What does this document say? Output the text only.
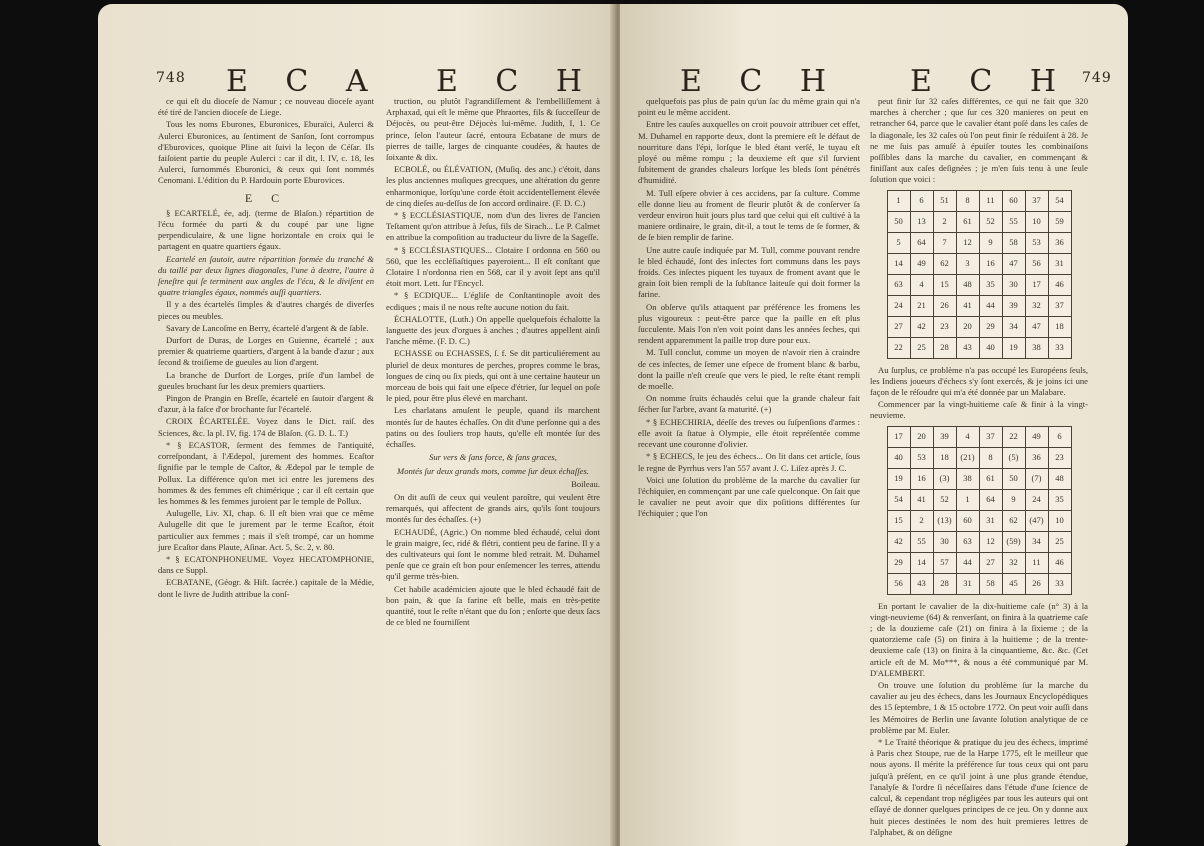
748 E C A E C H

ce qui eſt du dioceſe de Namur ; ce nouveau dioceſe ayant été tiré de l'ancien dioceſe de Liege.

Tous les noms Eburones, Eburonices, Eburaïci, Aulerci & Aulerci Eburonices, au ſentiment de Sanſon, ſont corrompus d'Eburovices, quoique Pline ait ſuivi la leçon de Céſar. Ils faiſoient partie du peuple Aulerci : car il dit, l. IV, c. 18, les Aulerci, ſurnommés Eburonici, & ceux qui ſont nommés Cenomani. L'édition du P. Hardouin porte Eburovices.

E C

§ ECARTELÉ, ée, adj. (terme de Blaſon.) répartition de l'écu formée du parti & du coupé par une ligne perpendiculaire, & une ligne horizontale en croix qui le partagent en quatre quartiers égaux.

Ecartelé en ſautoir, autre répartition formée du tranché & du taillé par deux lignes diagonales, l'une à dextre, l'autre à ſeneſtre qui ſe terminent aux angles de l'écu, & le diviſent en quatre triangles égaux, nommés auſſi quartiers.

Il y a des écartelés ſimples & d'autres chargés de diverſes pieces ou meubles.

Savary de Lancoſme en Berry, écartelé d'argent & de ſable.

Durfort de Duras, de Lorges en Guienne, écartelé ; aux premier & quatrieme quartiers, d'argent à la bande d'azur ; aux ſecond & troiſieme de gueules au lion d'argent.

La branche de Durfort de Lorges, priſe d'un lambel de gueules brochant ſur les deux premiers quartiers.

Pingon de Prangin en Breſſe, écartelé en ſautoir d'argent & d'azur, à la faſce d'or brochante ſur l'écartelé.

CROIX ÉCARTELÉE. Voyez dans le Dict. raiſ. des Sciences, &c. la pl. IV, fig. 174 de Blaſon. (G. D. L. T.)

* § ECASTOR, ſerment des femmes de l'antiquité, correſpondant, à l'Ædepol, jurement des hommes. Ecaſtor ſignifie par le temple de Caſtor, & Ædepol par le temple de Pollux. La différence qu'on met ici entre les juremens des hommes & des femmes eſt chimérique ; car il eſt certain que les hommes & les femmes juroient par le temple de Pollux.

Aulugelle, Liv. XI, chap. 6. Il eſt bien vrai que ce même Aulugelle dit que le jurement par le terme Ecaſtor, étoit particulier aux femmes ; mais il s'eſt trompé, car un homme jure Ecaſtor dans Plaute, Aſinar. Act. 5, Sc. 2, v. 80.

* § ECATONPHONEUME. Voyez HECATOMPHONIE, dans ce Suppl.

ECBATANE, (Géogr. & Hiſt. ſacrée.) capitale de la Médie, dont le livre de Judith attribue la conſ-

truction, ou plutôt l'agrandiſſement & l'embelliſſement à Arphaxad, qui eſt le même que Phraortes, fils & ſucceſſeur de Déjocès, ou peut-être Déjocès lui-même. Judith, I, 1. Ce prince, ſelon l'auteur ſacré, entoura Ecbatane de murs de pierres de taille, larges de cinquante coudées, & hautes de ſoixante & dix.

ECBOLÉ, ou ÉLÉVATION, (Muſiq. des anc.) c'étoit, dans les plus anciennes muſiques grecques, une altération du genre enharmonique, lorſqu'une corde étoit accidentellement élevée de cinq dieſes au-deſſus de ſon accord ordinaire. (F. D. C.)

* § ECCLÉSIASTIQUE, nom d'un des livres de l'ancien Teſtament qu'on attribue à Jeſus, fils de Sirach... Le P. Calmet en attribue la compoſition au traducteur du livre de la Sageſſe.

* § ECCLÉSIASTIQUES... Clotaire I ordonna en 560 ou 560, que les eccléſiaſtiques payeroient... Il eſt conſtant que Clotaire I n'ordonna rien en 568, car il y avoit ſept ans qu'il étoit mort. Lett. ſur l'Encycl.

* § ECDIQUE... L'égliſe de Conſtantinople avoit des ecdiques ; mais il ne nous reſte aucune notion du fait.

ÉCHALOTTE, (Luth.) On appelle quelquefois échalotte la languette des jeux d'orgues à anches ; d'autres appellent ainſi l'anche même. (F. D. C.)

ECHASSE ou ECHASSES, ſ. f. Se dit particuliérement au pluriel de deux montures de perches, propres comme le bras, longues de cinq ou ſix pieds, qui ont à une certaine hauteur un morceau de bois qui fait une eſpece d'étrier, ſur lequel on poſe le pied, pour être plus élevé en marchant.

Les charlatans amuſent le peuple, quand ils marchent montés ſur de hautes échaſſes. On dit d'une perſonne qui a des patins ou des ſouliers trop hauts, qu'elle eſt montée ſur des échaſſes.

Sur vers & ſans force, & ſans graces,

Montés ſur deux grands mots, comme ſur deux échaſſes.

Boileau.

On dit auſſi de ceux qui veulent paroître, qui veulent être remarqués, qui affectent de grands airs, qu'ils ſont toujours montés ſur des échaſſes. (+)

ECHAUDÉ, (Agric.) On nomme bled échaudé, celui dont le grain maigre, ſec, ridé & flétri, contient peu de farine. Il y a des cultivateurs qui ſont le nomme bled retrait. M. Duhamel penſe que ce grain eſt bon pour enſemencer les terres, attendu qu'il germe très-bien.

Cet habile académicien ajoute que le bled échaudé fait de bon pain, & que ſa farine eſt belle, mais en très-petite quantité, tout le reſte n'étant que du ſon ; enſorte que deux ſacs de ce bled ne fourniſſent

E C H E C H 749

quelquefois pas plus de pain qu'un ſac du même grain qui n'a point eu le même accident.

Entre les cauſes auxquelles on croit pouvoir attribuer cet effet, M. Duhamel en rapporte deux, dont la premiere eſt le défaut de nourriture dans l'épi, lorſque le bled étant verſé, le tuyau eſt ployé ou même rompu ; la deuxieme eſt que s'il ſurvient ſubitement de grandes chaleurs lorſque les bleds ſont pénétrés d'humidité.

M. Tull eſpere obvier à ces accidens, par ſa culture. Comme elle donne lieu au froment de fleurir plutôt & de conſerver ſa verdeur environ huit jours plus tard que celui qui eſt cultivé à la maniere ordinaire, le grain, dit-il, a tout le tems de ſe former, & de ſe bien remplir de farine.

Une autre cauſe indiquée par M. Tull, comme pouvant rendre le bled échaudé, ſont des inſectes fort communs dans les pays froids. Ces inſectes piquent les tuyaux de froment avant que le grain ſoit bien rempli de la ſubſtance laiteuſe qui doit former la farine.

On obſerve qu'ils attaquent par préférence les fromens les plus vigoureux : peut-être parce que la paille en eſt plus ſucculente. Mais l'on n'en voit point dans les années ſeches, qui rendent apparemment la paille trop dure pour eux.

M. Tull conclut, comme un moyen de n'avoir rien à craindre de ces inſectes, de ſemer une eſpece de froment blanc & barbu, dont la paille n'eſt creuſe que vers le pied, le reſte étant rempli de moelle.

On nomme ſruits échaudés celui que la grande chaleur fait ſécher ſur l'arbre, avant ſa maturité. (+)

* § ECHECHIRIA, déeſſe des treves ou ſuſpenſions d'armes : elle avoit ſa ſtatue à Olympie, elle étoit repréſentée comme recevant une couronne d'olivier.

* § ECHECS, le jeu des échecs... On lit dans cet article, ſous le regne de Pyrrhus vers l'an 557 avant J. C. Liſez après J. C.

Voici une ſolution du problème de la marche du cavalier ſur l'échiquier, en commençant par une caſe quelconque. On ſait que le cavalier ne peut avoir que dix poſitions différentes ſur l'échiquier ; que l'on

peut finir ſur 32 caſes différentes, ce qui ne fait que 320 marches à chercher ; que ſur ces 320 manieres on peut en retrancher 64, parce que le cavalier étant poſé dans les caſes de la diagonale, les 32 caſes où l'on peut finir ſe réduiſent à 28. Je ne me ſuis pas amuſé à épuiſer toutes les combinaiſons poſſibles dans la marche du cavalier, en commençant & finiſſant aux caſes deſignées ; je m'en ſuis tenu à une ſeule ſolution que voici :

1	6	51	8	11	60	37	54
50	13	2	61	52	55	10	59
5	64	7	12	9	58	53	36
14	49	62	3	16	47	56	31
63	4	15	48	35	30	17	46
24	21	26	41	44	39	32	37
27	42	23	20	29	34	47	18
22	25	28	43	40	19	38	33

Au ſurplus, ce problème n'a pas occupé les Européens ſeuls, les Indiens joueurs d'échecs s'y ſont exercés, & je joins ici une façon de le réſoudre qui m'a été donnée par un Malabare.

Commencer par la vingt-huitieme caſe & finir à la vingt-neuvieme.

17	20	39	4	37	22	49	6
40	53	18	(21)	8	(5)	36	23
19	16	(3)	38	61	50	(7)	48
54	41	52	1	64	9	24	35
15	2	(13)	60	31	62	(47)	10
42	55	30	63	12	(59)	34	25
29	14	57	44	27	32	11	46
56	43	28	31	58	45	26	33

En portant le cavalier de la dix-huitieme caſe (n° 3) à la vingt-neuvieme (64) & renverſant, on finira à la quatrieme caſe ; de la douzieme caſe (21) on finira à la ſixieme ; de la quatorzieme caſe (5) on finira à la huitieme ; de la trente-deuxieme caſe (13) on finira à la cinquantieme, &c. &c. (Cet article eſt de M. Mo***, & nous a été communiqué par M. D'ALEMBERT.

On trouve une ſolution du problème ſur la marche du cavalier au jeu des échecs, dans les Journaux Encyclopédiques des 15 ſeptembre, 1 & 15 octobre 1772. On peut voir auſſi dans les Mémoires de Berlin une ſavante ſolution analytique de ce problème par M. Euler.

* Le Traité théorique & pratique du jeu des échecs, imprimé à Paris chez Stoupe, rue de la Harpe 1775, eſt le meilleur que nous ayons. Il mérite la préférence ſur tous ceux qui ont paru juſqu'à préſent, en ce qu'il joint à une plus grande étendue, l'analyſe & l'ordre ſi néceſſaires dans l'étude d'une ſcience de calcul, & cependant trop négligées par tous les auteurs qui ont eſſayé de donner quelques principes de ce jeu. On y donne aux huit pieces destinées le nom des huit premieres lettres de l'alphabet, & on déſigne
